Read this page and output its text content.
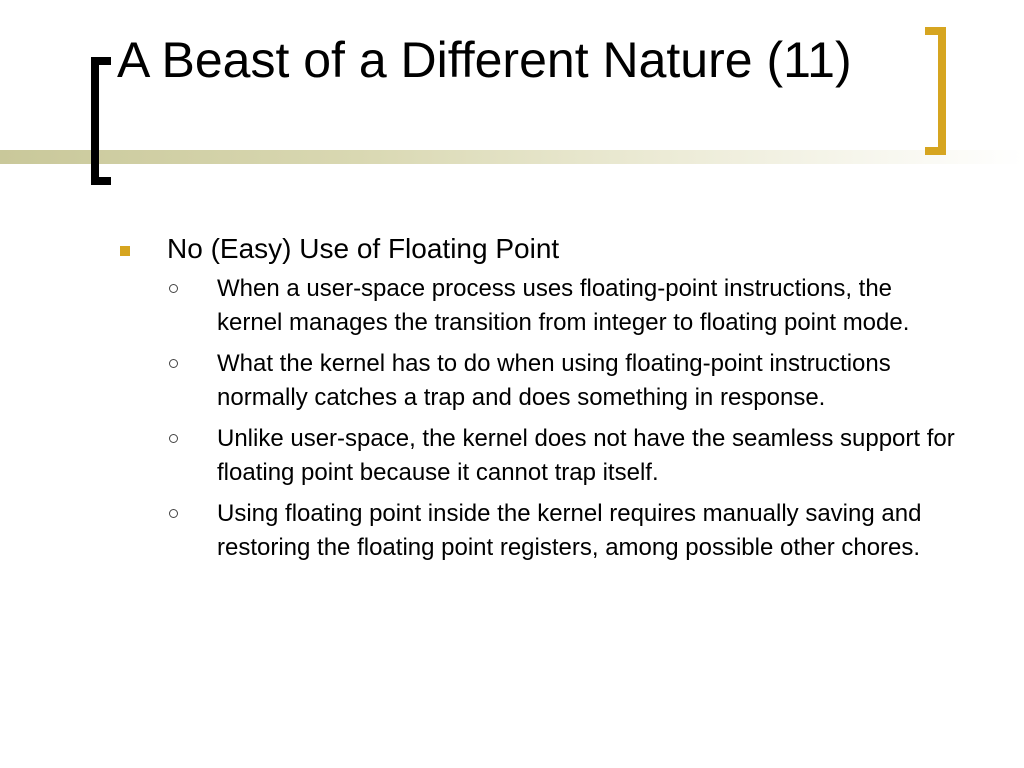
A Beast of a Different Nature (11)
No (Easy) Use of Floating Point
When a user-space process uses floating-point instructions, the kernel manages the transition from integer to floating point mode.
What the kernel has to do when using floating-point instructions normally catches a trap and does something in response.
Unlike user-space, the kernel does not have the seamless support for floating point because it cannot trap itself.
Using floating point inside the kernel requires manually saving and restoring the floating point registers, among possible other chores.
